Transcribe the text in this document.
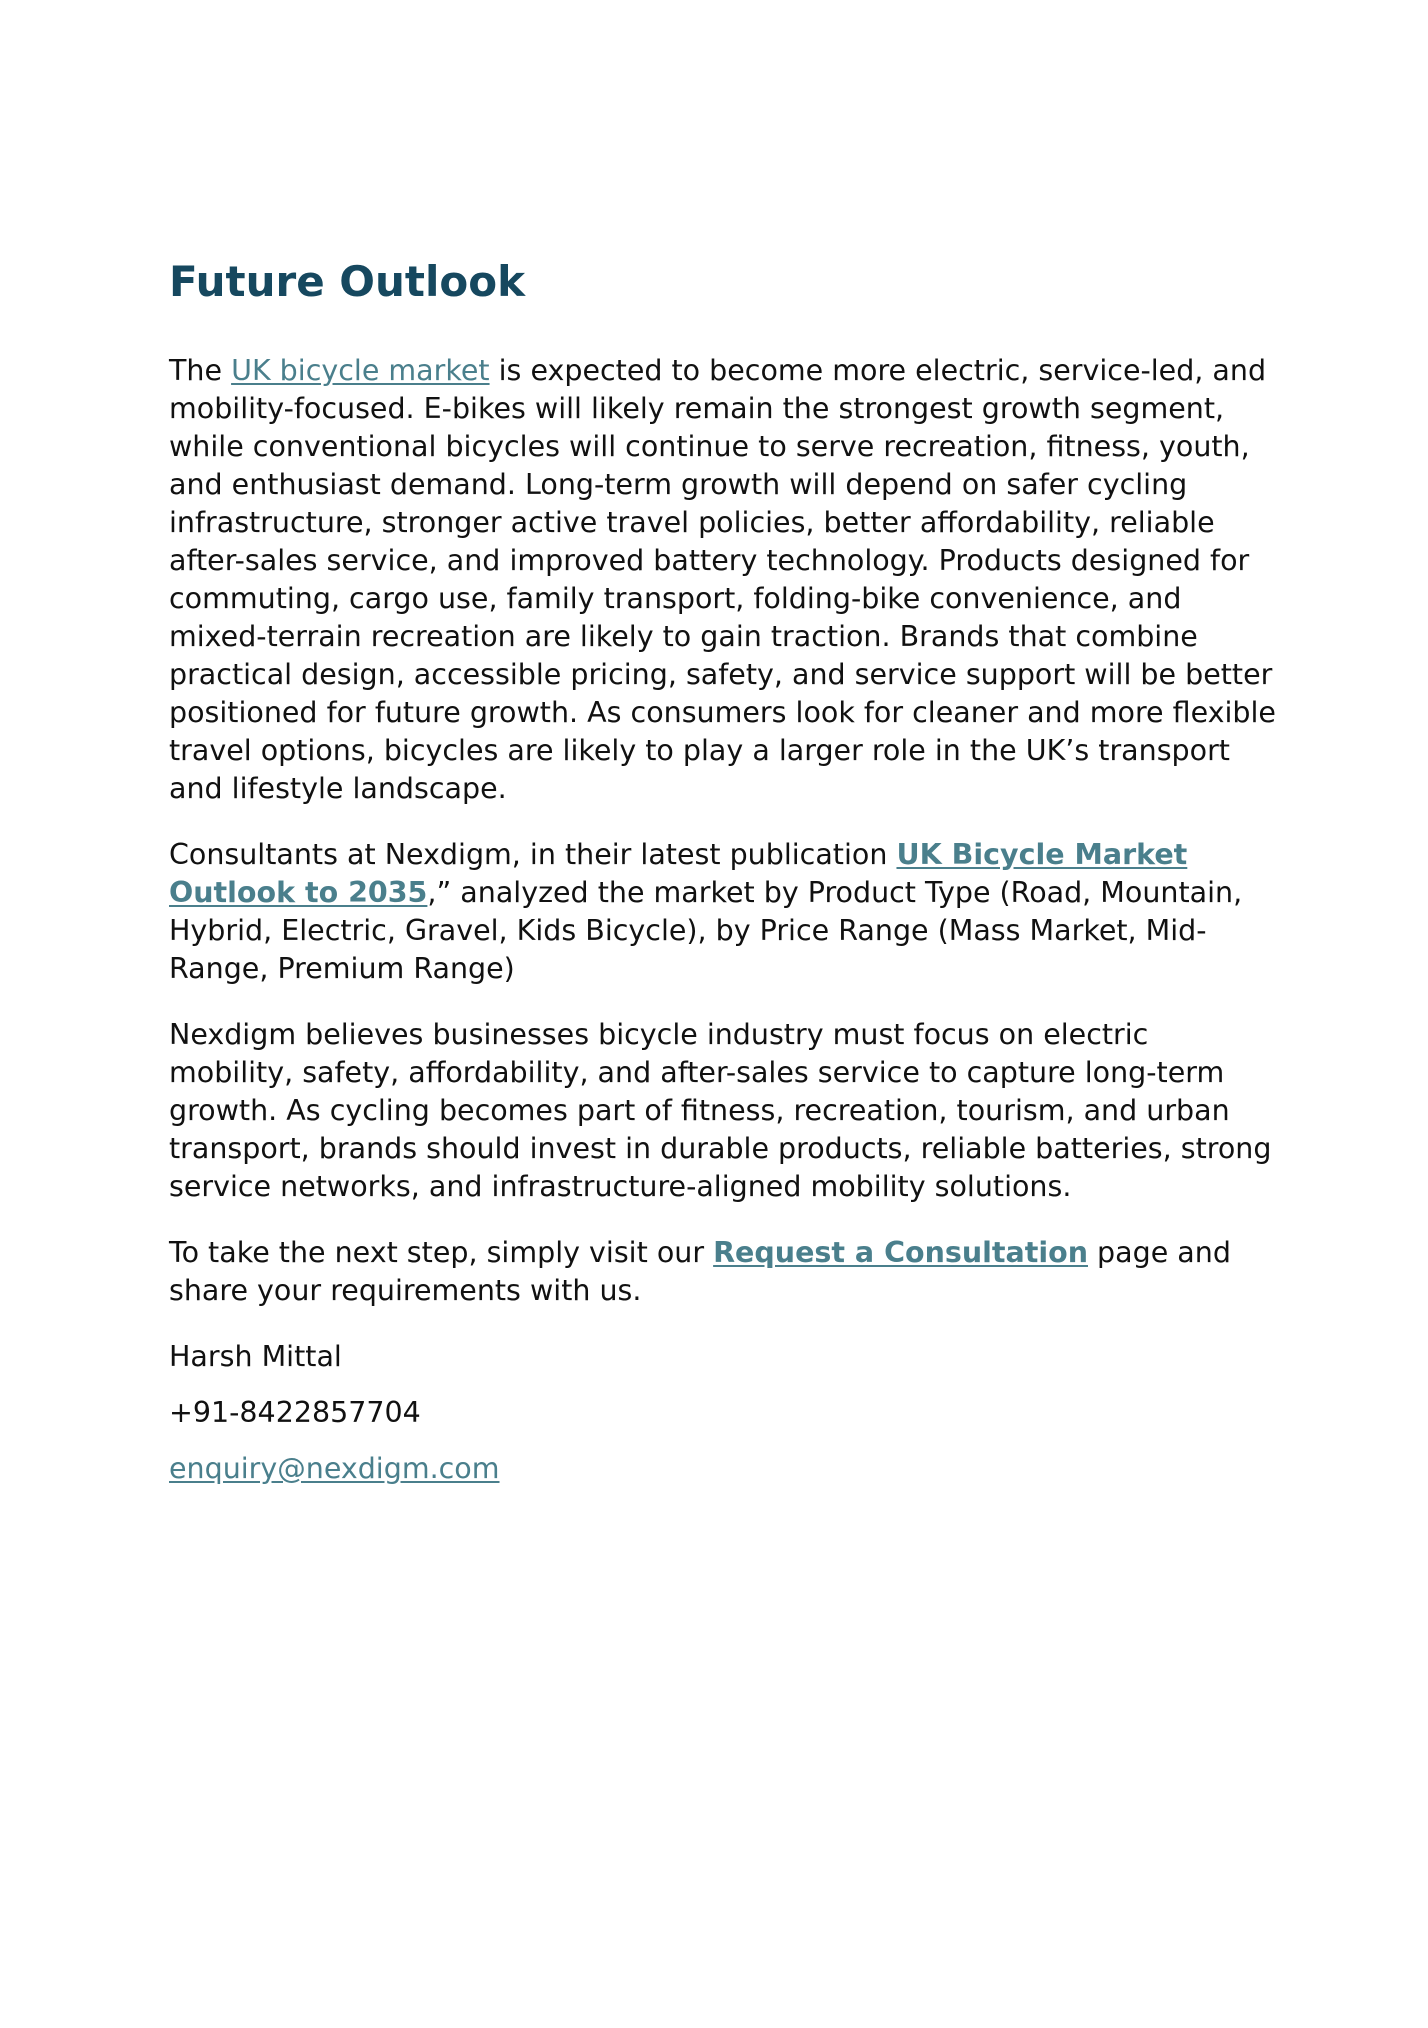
Future Outlook

The UK bicycle market is expected to become more electric, service-led, and mobility-focused. E-bikes will likely remain the strongest growth segment, while conventional bicycles will continue to serve recreation, fitness, youth, and enthusiast demand. Long-term growth will depend on safer cycling infrastructure, stronger active travel policies, better affordability, reliable after-sales service, and improved battery technology. Products designed for commuting, cargo use, family transport, folding-bike convenience, and mixed-terrain recreation are likely to gain traction. Brands that combine practical design, accessible pricing, safety, and service support will be better positioned for future growth. As consumers look for cleaner and more flexible travel options, bicycles are likely to play a larger role in the UK’s transport and lifestyle landscape.

Consultants at Nexdigm, in their latest publication UK Bicycle Market Outlook to 2035,” analyzed the market by Product Type (Road, Mountain, Hybrid, Electric, Gravel, Kids Bicycle), by Price Range (Mass Market, Mid-Range, Premium Range)

Nexdigm believes businesses bicycle industry must focus on electric mobility, safety, affordability, and after-sales service to capture long-term growth. As cycling becomes part of fitness, recreation, tourism, and urban transport, brands should invest in durable products, reliable batteries, strong service networks, and infrastructure-aligned mobility solutions.

To take the next step, simply visit our Request a Consultation page and share your requirements with us.

Harsh Mittal

+91-8422857704

enquiry@nexdigm.com
